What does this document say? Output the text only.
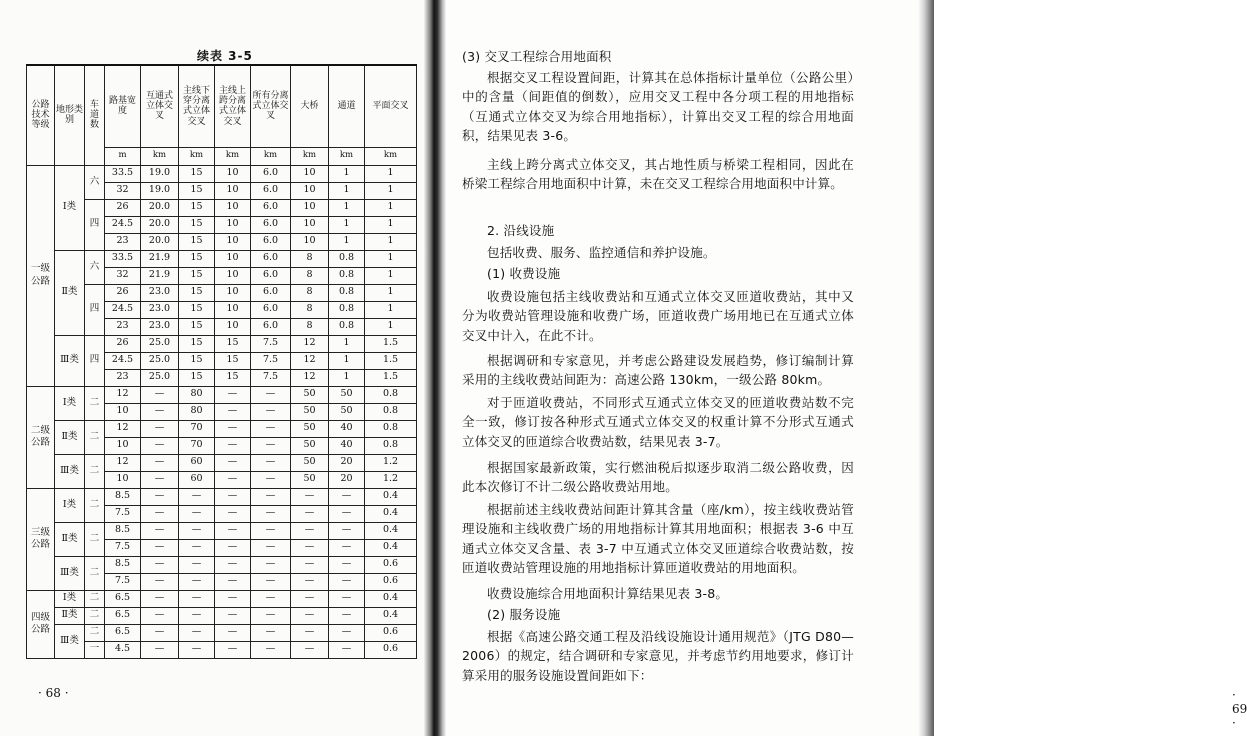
续表 3-5
公路技术等级	地形类别	车道数	路基宽度	互通式立体交叉	主线下穿分离式立体交叉	主线上跨分离式立体交叉	所有分离式立体交叉	大桥	通道	平面交叉
			m	km	km	km	km	km	km	km
一级公路	Ⅰ类	六	33.5	19.0	15	10	6.0	10	1	1
			32	19.0	15	10	6.0	10	1	1
		四	26	20.0	15	10	6.0	10	1	1
			24.5	20.0	15	10	6.0	10	1	1
			23	20.0	15	10	6.0	10	1	1
	Ⅱ类	六	33.5	21.9	15	10	6.0	8	0.8	1
			32	21.9	15	10	6.0	8	0.8	1
		四	26	23.0	15	10	6.0	8	0.8	1
			24.5	23.0	15	10	6.0	8	0.8	1
			23	23.0	15	10	6.0	8	0.8	1
	Ⅲ类	四	26	25.0	15	15	7.5	12	1	1.5
			24.5	25.0	15	15	7.5	12	1	1.5
			23	25.0	15	15	7.5	12	1	1.5
二级公路	Ⅰ类	二	12	—	80	—	—	50	50	0.8
			10	—	80	—	—	50	50	0.8
	Ⅱ类	二	12	—	70	—	—	50	40	0.8
			10	—	70	—	—	50	40	0.8
	Ⅲ类	二	12	—	60	—	—	50	20	1.2
			10	—	60	—	—	50	20	1.2
三级公路	Ⅰ类	二	8.5	—	—	—	—	—	—	0.4
			7.5	—	—	—	—	—	—	0.4
	Ⅱ类	二	8.5	—	—	—	—	—	—	0.4
			7.5	—	—	—	—	—	—	0.4
	Ⅲ类	二	8.5	—	—	—	—	—	—	0.6
			7.5	—	—	—	—	—	—	0.6
四级公路	Ⅰ类	二	6.5	—	—	—	—	—	—	0.4
	Ⅱ类	二	6.5	—	—	—	—	—	—	0.4
	Ⅲ类	二	6.5	—	—	—	—	—	—	0.6
		一	4.5	—	—	—	—	—	—	0.6
· 68 ·	· 69 ·
(3) 交叉工程综合用地面积
根据交叉工程设置间距，计算其在总体指标计量单位（公路公里）中的含量（间距值的倒数），应用交叉工程中各分项工程的用地指标（互通式立体交叉为综合用地指标），计算出交叉工程的综合用地面积，结果见表 3-6。
主线上跨分离式立体交叉，其占地性质与桥梁工程相同，因此在桥梁工程综合用地面积中计算，未在交叉工程综合用地面积中计算。
2. 沿线设施
包括收费、服务、监控通信和养护设施。
(1) 收费设施
收费设施包括主线收费站和互通式立体交叉匝道收费站，其中又分为收费站管理设施和收费广场，匝道收费广场用地已在互通式立体交叉中计入，在此不计。
根据调研和专家意见，并考虑公路建设发展趋势，修订编制计算采用的主线收费站间距为：高速公路 130km，一级公路 80km。
对于匝道收费站，不同形式互通式立体交叉的匝道收费站数不完全一致，修订按各种形式互通式立体交叉的权重计算不分形式互通式立体交叉的匝道综合收费站数，结果见表 3-7。
根据国家最新政策，实行燃油税后拟逐步取消二级公路收费，因此本次修订不计二级公路收费站用地。
根据前述主线收费站间距计算其含量（座/km），按主线收费站管理设施和主线收费广场的用地指标计算其用地面积；根据表 3-6 中互通式立体交叉含量、表 3-7 中互通式立体交叉匝道综合收费站数，按匝道收费站管理设施的用地指标计算匝道收费站的用地面积。
收费设施综合用地面积计算结果见表 3-8。
(2) 服务设施
根据《高速公路交通工程及沿线设施设计通用规范》（JTG D80—2006）的规定，结合调研和专家意见，并考虑节约用地要求，修订计算采用的服务设施设置间距如下：
